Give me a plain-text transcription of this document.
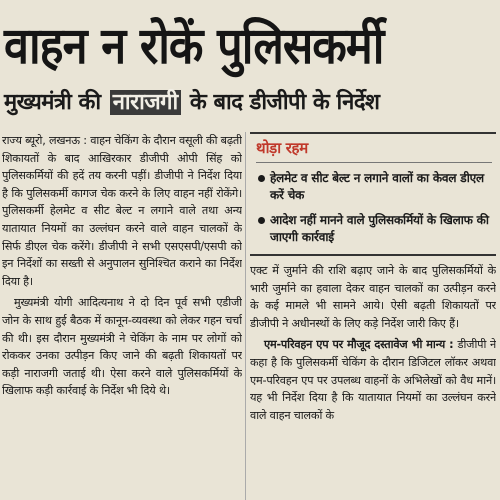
वाहन न रोकें पुलिसकर्मी
मुख्यमंत्री की नाराजगी के बाद डीजीपी के निर्देश

राज्य ब्यूरो, लखनऊ : वाहन चेकिंग के दौरान वसूली की बढ़ती शिकायतों के बाद आखिरकार डीजीपी ओपी सिंह को पुलिसकर्मियों की हदें तय करनी पड़ीं। डीजीपी ने निर्देश दिया है कि पुलिसकर्मी कागज चेक करने के लिए वाहन नहीं रोकेंगे। पुलिसकर्मी हेलमेट व सीट बेल्ट न लगाने वाले तथा अन्य यातायात नियमों का उल्लंघन करने वाले वाहन चालकों के सिर्फ डीएल चेक करेंगे। डीजीपी ने सभी एसएसपी/एसपी को इन निर्देशों का सख्ती से अनुपालन सुनिश्चित कराने का निर्देश दिया है।

मुख्यमंत्री योगी आदित्यनाथ ने दो दिन पूर्व सभी एडीजी जोन के साथ हुई बैठक में कानून-व्यवस्था को लेकर गहन चर्चा की थी। इस दौरान मुख्यमंत्री ने चेकिंग के नाम पर लोगों को रोककर उनका उत्पीड़न किए जाने की बढ़ती शिकायतों पर कड़ी नाराजगी जताई थी। ऐसा करने वाले पुलिसकर्मियों के खिलाफ कड़ी कार्रवाई के निर्देश भी दिये थे।

थोड़ा रहम
हेलमेट व सीट बेल्ट न लगाने वालों का केवल डीएल करें चेक
आदेश नहीं मानने वाले पुलिसकर्मियों के खिलाफ की जाएगी कार्रवाई

एक्ट में जुर्माने की राशि बढ़ाए जाने के बाद पुलिसकर्मियों के भारी जुर्माने का हवाला देकर वाहन चालकों का उत्पीड़न करने के कई मामले भी सामने आये। ऐसी बढ़ती शिकायतों पर डीजीपी ने अधीनस्थों के लिए कड़े निर्देश जारी किए हैं।

एम-परिवहन एप पर मौजूद दस्तावेज भी मान्य : डीजीपी ने कहा है कि पुलिसकर्मी चेकिंग के दौरान डिजिटल लॉकर अथवा एम-परिवहन एप पर उपलब्ध वाहनों के अभिलेखों को वैध मानें। यह भी निर्देश दिया है कि यातायात नियमों का उल्लंघन करने वाले वाहन चालकों के
